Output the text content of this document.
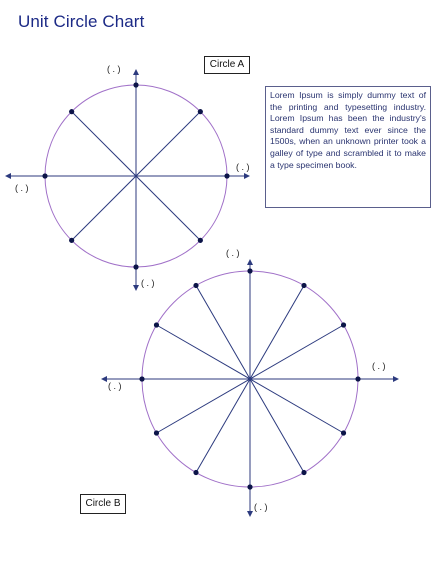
Unit Circle Chart
Circle A
Circle B
Lorem Ipsum is simply dummy text of the printing and typesetting industry. Lorem Ipsum has been the industry's standard dummy text ever since the 1500s, when an unknown printer took a galley of type and scrambled it to make a type specimen book.
( . )
( . )
( . )
( . )
( . )
( . )
( . )
( . )
